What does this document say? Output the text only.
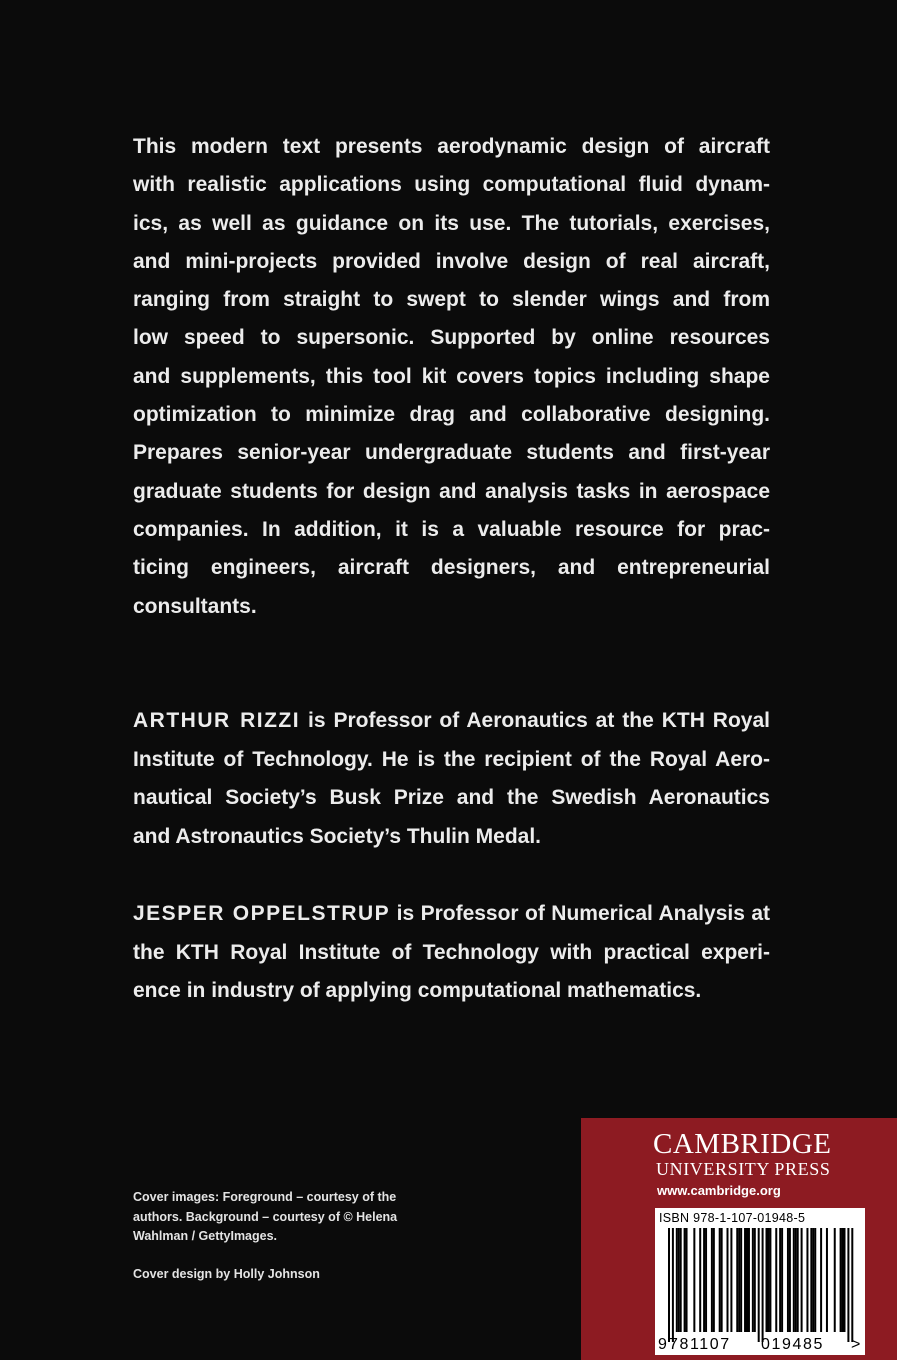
This modern text presents aerodynamic design of aircraft
with realistic applications using computational fluid dynam-
ics, as well as guidance on its use. The tutorials, exercises,
and mini-projects provided involve design of real aircraft,
ranging from straight to swept to slender wings and from
low speed to supersonic. Supported by online resources
and supplements, this tool kit covers topics including shape
optimization to minimize drag and collaborative designing.
Prepares senior-year undergraduate students and first-year
graduate students for design and analysis tasks in aerospace
companies. In addition, it is a valuable resource for prac-
ticing engineers, aircraft designers, and entrepreneurial
consultants.
ARTHUR RIZZI is Professor of Aeronautics at the KTH Royal
Institute of Technology. He is the recipient of the Royal Aero-
nautical Society’s Busk Prize and the Swedish Aeronautics
and Astronautics Society’s Thulin Medal.
JESPER OPPELSTRUP is Professor of Numerical Analysis at
the KTH Royal Institute of Technology with practical experi-
ence in industry of applying computational mathematics.
Cover images: Foreground – courtesy of the
authors. Background – courtesy of © Helena
Wahlman / GettyImages.
Cover design by Holly Johnson
CAMBRIDGE
UNIVERSITY PRESS
www.cambridge.org
9 781107 019485 >
ISBN 978-1-107-01948-5
